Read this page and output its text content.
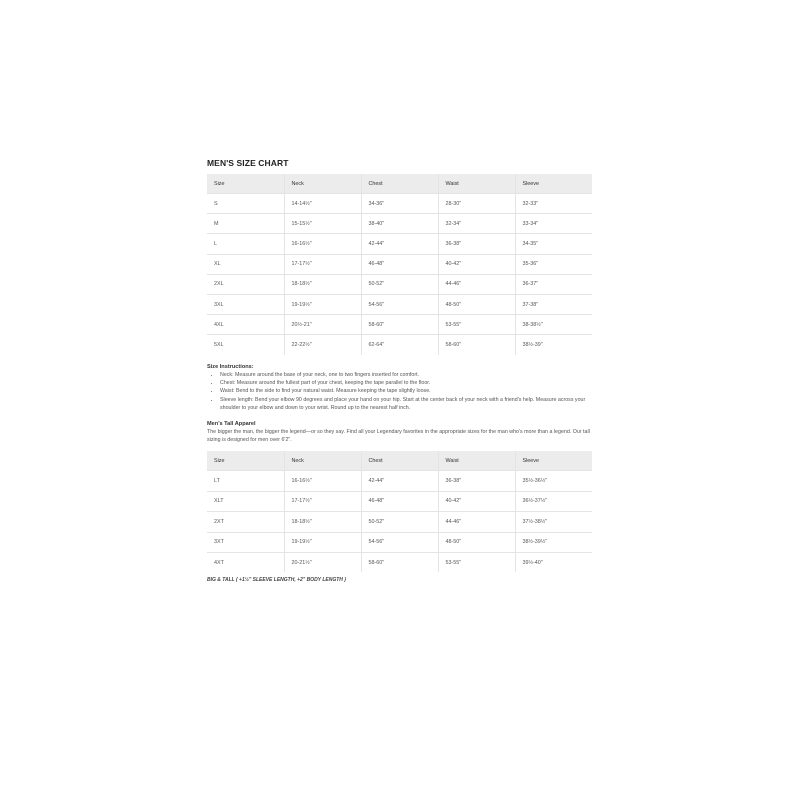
MEN'S SIZE CHART
Size	Neck	Chest	Waist	Sleeve
S	14-14½"	34-36"	28-30"	32-33"
M	15-15½"	38-40"	32-34"	33-34"
L	16-16½"	42-44"	36-38"	34-35"
XL	17-17½"	46-48"	40-42"	35-36"
2XL	18-18½"	50-52"	44-46"	36-37"
3XL	19-19½"	54-56"	48-50"	37-38"
4XL	20½-21"	58-60"	53-55"	38-38½"
5XL	22-22½"	62-64"	58-60"	38½-39"

Size Instructions:

• Neck: Measure around the base of your neck, one to two fingers inserted for comfort.
• Chest: Measure around the fullest part of your chest, keeping the tape parallel to the floor.
• Waist: Bend to the side to find your natural waist. Measure keeping the tape slightly loose.
• Sleeve length: Bend your elbow 90 degrees and place your hand on your hip. Start at the center back of your neck with a friend's help. Measure across your shoulder to your elbow and down to your wrist. Round up to the nearest half inch.

Men's Tall Apparel

The bigger the man, the bigger the legend—or so they say. Find all your Legendary favorites in the appropriate sizes for the man who's more than a legend. Our tall sizing is designed for men over 6'2".

Size	Neck	Chest	Waist	Sleeve
LT	16-16½"	42-44"	36-38"	35½-36½"
XLT	17-17½"	46-48"	40-42"	36½-37½"
2XT	18-18½"	50-52"	44-46"	37½-38½"
3XT	19-19½"	54-56"	48-50"	38½-39½"
4XT	20-21½"	58-60"	53-55"	39½-40"
BIG & TALL ( +1½" SLEEVE LENGTH, +2" BODY LENGTH )
